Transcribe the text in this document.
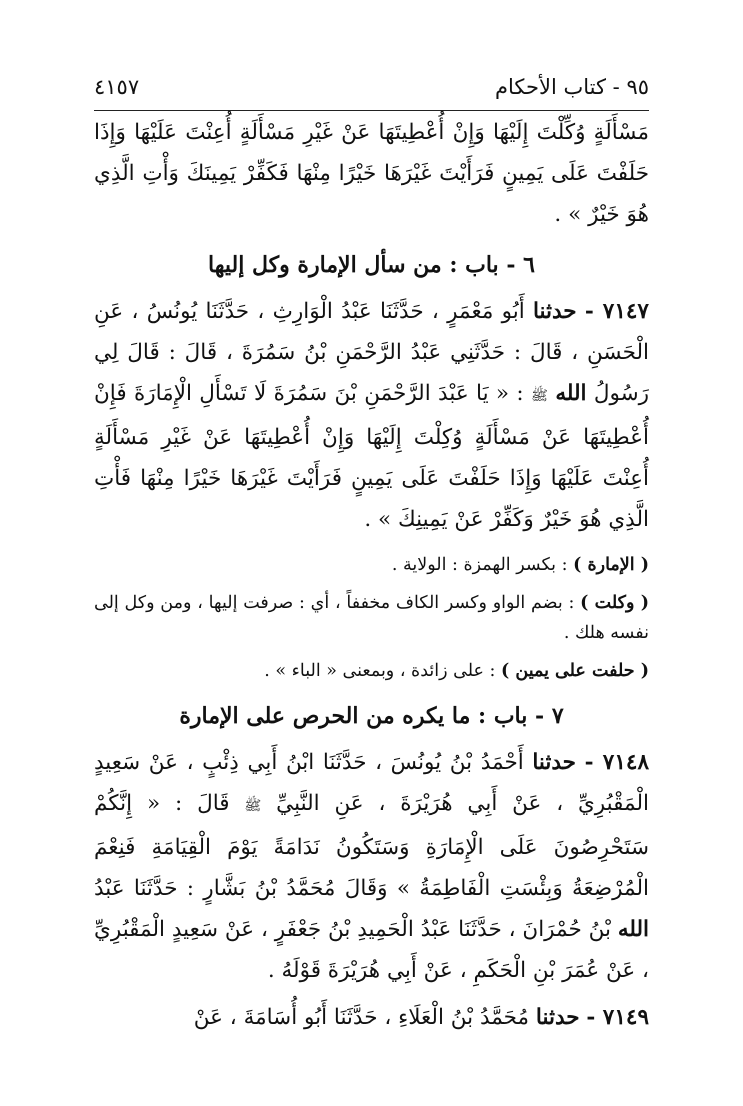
٩٥ - كتاب الأحكام
٤١٥٧

مَسْأَلَةٍ وُكِّلْتَ إِلَيْهَا وَإِنْ أُعْطِيتَهَا عَنْ غَيْرِ مَسْأَلَةٍ أُعِنْتَ عَلَيْهَا وَإِذَا حَلَفْتَ عَلَى يَمِينٍ فَرَأَيْتَ غَيْرَهَا خَيْرًا مِنْهَا فَكَفِّرْ يَمِينَكَ وَأْتِ الَّذِي هُوَ خَيْرٌ » .

٦ - باب : من سأل الإمارة وكل إليها

٧١٤٧ - حدثنا أَبُو مَعْمَرٍ ، حَدَّثَنَا عَبْدُ الْوَارِثِ ، حَدَّثَنَا يُونُسُ ، عَنِ الْحَسَنِ ، قَالَ : حَدَّثَنِي عَبْدُ الرَّحْمَنِ بْنُ سَمُرَةَ ، قَالَ : قَالَ لِي رَسُولُ الله ﷺ : « يَا عَبْدَ الرَّحْمَنِ بْنَ سَمُرَةَ لَا تَسْأَلِ الْإِمَارَةَ فَإِنْ أُعْطِيتَهَا عَنْ مَسْأَلَةٍ وُكِلْتَ إِلَيْهَا وَإِنْ أُعْطِيتَهَا عَنْ غَيْرِ مَسْأَلَةٍ أُعِنْتَ عَلَيْهَا وَإِذَا حَلَفْتَ عَلَى يَمِينٍ فَرَأَيْتَ غَيْرَهَا خَيْرًا مِنْهَا فَأْتِ الَّذِي هُوَ خَيْرٌ وَكَفِّرْ عَنْ يَمِينِكَ » .

( الإمارة ) : بكسر الهمزة : الولاية .

( وكلت ) : بضم الواو وكسر الكاف مخففاً ، أي : صرفت إليها ، ومن وكل إلى نفسه هلك .

( حلفت على يمين ) : على زائدة ، وبمعنى « الباء » .

٧ - باب : ما يكره من الحرص على الإمارة

٧١٤٨ - حدثنا أَحْمَدُ بْنُ يُونُسَ ، حَدَّثَنَا ابْنُ أَبِي ذِئْبٍ ، عَنْ سَعِيدٍ الْمَقْبُرِيِّ ، عَنْ أَبِي هُرَيْرَةَ ، عَنِ النَّبِيِّ ﷺ قَالَ : « إِنَّكُمْ سَتَحْرِصُونَ عَلَى الْإِمَارَةِ وَسَتَكُونُ نَدَامَةً يَوْمَ الْقِيَامَةِ فَنِعْمَ الْمُرْضِعَةُ وَبِئْسَتِ الْفَاطِمَةُ » وَقَالَ مُحَمَّدُ بْنُ بَشَّارٍ : حَدَّثَنَا عَبْدُ الله بْنُ حُمْرَانَ ، حَدَّثَنَا عَبْدُ الْحَمِيدِ بْنُ جَعْفَرٍ ، عَنْ سَعِيدٍ الْمَقْبُرِيِّ ، عَنْ عُمَرَ بْنِ الْحَكَمِ ، عَنْ أَبِي هُرَيْرَةَ قَوْلَهُ .

٧١٤٩ - حدثنا مُحَمَّدُ بْنُ الْعَلَاءِ ، حَدَّثَنَا أَبُو أُسَامَةَ ، عَنْ
